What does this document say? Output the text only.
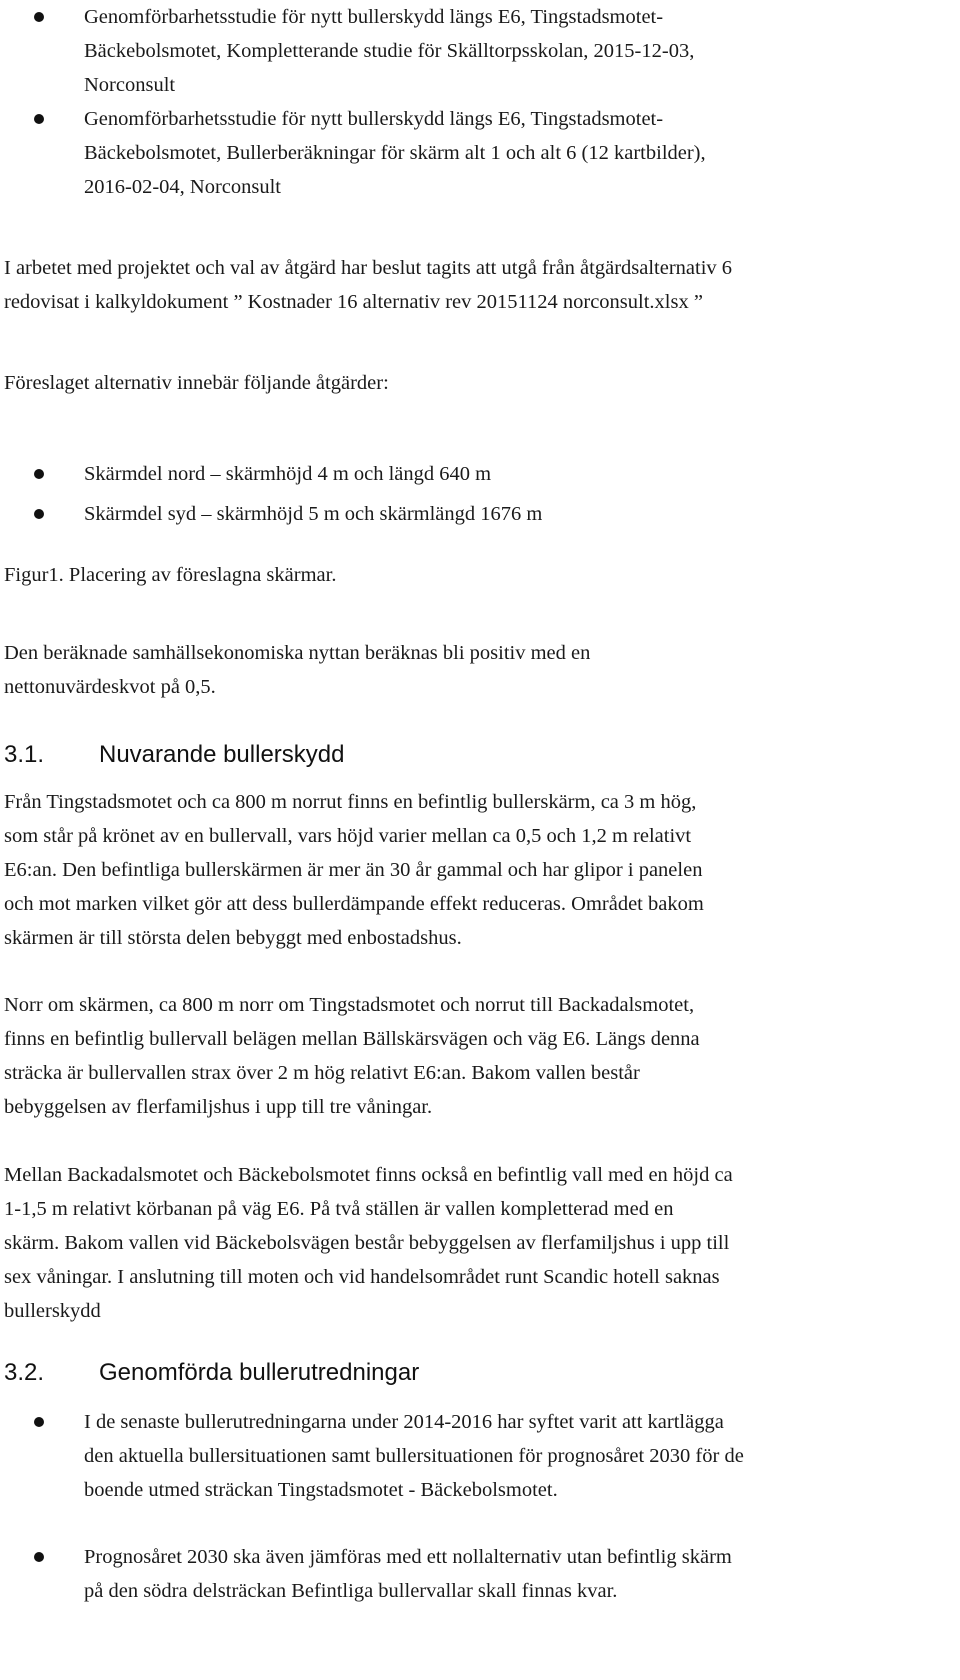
Genomförbarhetsstudie för nytt bullerskydd längs E6, Tingstadsmotet-
Bäckebolsmotet, Kompletterande studie för Skälltorpsskolan, 2015-12-03,
Norconsult

Genomförbarhetsstudie för nytt bullerskydd längs E6, Tingstadsmotet-
Bäckebolsmotet, Bullerberäkningar för skärm alt 1 och alt 6 (12 kartbilder),
2016-02-04, Norconsult

I arbetet med projektet och val av åtgärd har beslut tagits att utgå från åtgärdsalternativ 6
redovisat i kalkyldokument ” Kostnader 16 alternativ rev 20151124 norconsult.xlsx ”

Föreslaget alternativ innebär följande åtgärder:

Skärmdel nord – skärmhöjd 4 m och längd 640 m

Skärmdel syd – skärmhöjd 5 m och skärmlängd 1676 m

Figur1. Placering av föreslagna skärmar.

Den beräknade samhällsekonomiska nyttan beräknas bli positiv med en
nettonuvärdeskvot på 0,5.

3.1. Nuvarande bullerskydd

Från Tingstadsmotet och ca 800 m norrut finns en befintlig bullerskärm, ca 3 m hög,
som står på krönet av en bullervall, vars höjd varier mellan ca 0,5 och 1,2 m relativt
E6:an. Den befintliga bullerskärmen är mer än 30 år gammal och har glipor i panelen
och mot marken vilket gör att dess bullerdämpande effekt reduceras. Området bakom
skärmen är till största delen bebyggt med enbostadshus.

Norr om skärmen, ca 800 m norr om Tingstadsmotet och norrut till Backadalsmotet,
finns en befintlig bullervall belägen mellan Bällskärsvägen och väg E6. Längs denna
sträcka är bullervallen strax över 2 m hög relativt E6:an. Bakom vallen består
bebyggelsen av flerfamiljshus i upp till tre våningar.

Mellan Backadalsmotet och Bäckebolsmotet finns också en befintlig vall med en höjd ca
1-1,5 m relativt körbanan på väg E6. På två ställen är vallen kompletterad med en
skärm. Bakom vallen vid Bäckebolsvägen består bebyggelsen av flerfamiljshus i upp till
sex våningar. I anslutning till moten och vid handelsområdet runt Scandic hotell saknas
bullerskydd

3.2. Genomförda bullerutredningar

I de senaste bullerutredningarna under 2014-2016 har syftet varit att kartlägga
den aktuella bullersituationen samt bullersituationen för prognosåret 2030 för de
boende utmed sträckan Tingstadsmotet - Bäckebolsmotet.

Prognosåret 2030 ska även jämföras med ett nollalternativ utan befintlig skärm
på den södra delsträckan Befintliga bullervallar skall finnas kvar.
